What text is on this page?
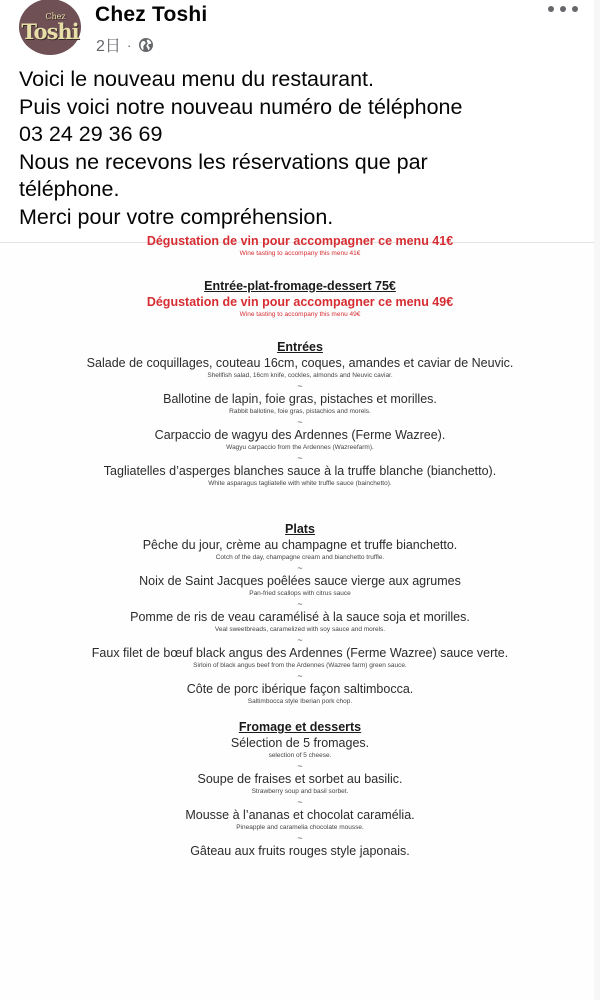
Chez
Toshi
Chez Toshi
2日 ·
Voici le nouveau menu du restaurant.
Puis voici notre nouveau numéro de téléphone
03 24 29 36 69
Nous ne recevons les réservations que par
téléphone.
Merci pour votre compréhension.
Dégustation de vin pour accompagner ce menu 41€
Wine tasting to accompany this menu 41€
Entrée-plat-fromage-dessert 75€
Dégustation de vin pour accompagner ce menu 49€
Wine tasting to accompany this menu 49€
Entrées
Salade de coquillages, couteau 16cm, coques, amandes et caviar de Neuvic.
Shellfish salad, 16cm knife, cockles, almonds and Neuvic caviar.
~
Ballotine de lapin, foie gras, pistaches et morilles.
Rabbit ballotine, foie gras, pistachios and morels.
~
Carpaccio de wagyu des Ardennes (Ferme Wazree).
Wagyu carpaccio from the Ardennes (Wazreefarm).
~
Tagliatelles d’asperges blanches sauce à la truffe blanche (bianchetto).
White asparagus tagliatelle with white truffle sauce (bainchetto).
Plats
Pêche du jour, crème au champagne et truffe bianchetto.
Cotch of the day, champagne cream and bianchetto truffle.
~
Noix de Saint Jacques poêlées sauce vierge aux agrumes
Pan-fried scallops with citrus sauce
~
Pomme de ris de veau caramélisé à la sauce soja et morilles.
Veal sweetbreads, caramelized with soy sauce and morels.
~
Faux filet de bœuf black angus des Ardennes (Ferme Wazree) sauce verte.
Sirloin of black angus beef from the Ardennes (Wazree farm) green sauce.
~
Côte de porc ibérique façon saltimbocca.
Saltimbocca style Iberian pork chop.
Fromage et desserts
Sélection de 5 fromages.
selection of 5 cheese.
~
Soupe de fraises et sorbet au basilic.
Strawberry soup and basil sorbet.
~
Mousse à l’ananas et chocolat caramélia.
Pineapple and caramelia chocolate mousse.
~
Gâteau aux fruits rouges style japonais.
